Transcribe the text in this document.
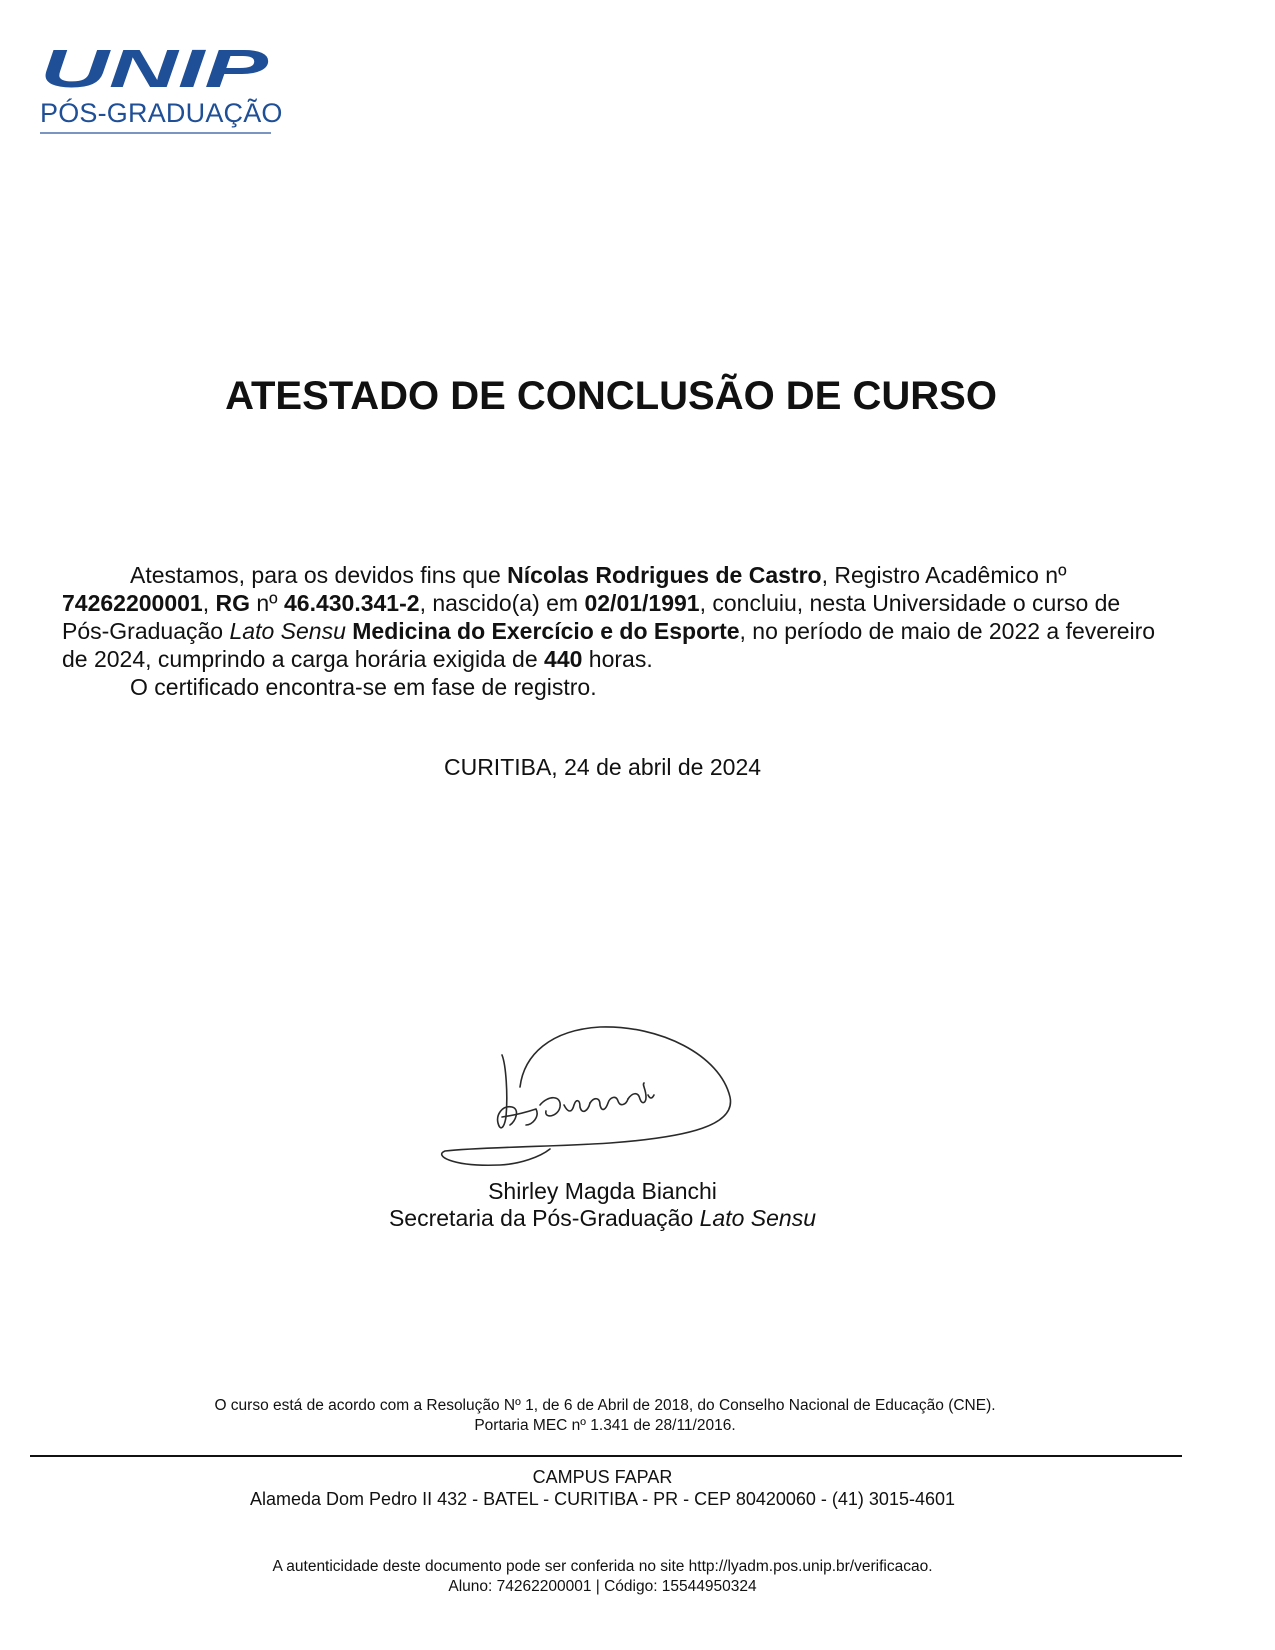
UNIP
PÓS-GRADUAÇÃO
ATESTADO DE CONCLUSÃO DE CURSO

Atestamos, para os devidos fins que Nícolas Rodrigues de Castro, Registro Acadêmico nº 74262200001, RG nº 46.430.341-2, nascido(a) em 02/01/1991, concluiu, nesta Universidade o curso de Pós-Graduação Lato Sensu Medicina do Exercício e do Esporte, no período de maio de 2022 a fevereiro de 2024, cumprindo a carga horária exigida de 440 horas.

O certificado encontra-se em fase de registro.

CURITIBA, 24 de abril de 2024
Shirley Magda Bianchi
Secretaria da Pós-Graduação Lato Sensu
O curso está de acordo com a Resolução Nº 1, de 6 de Abril de 2018, do Conselho Nacional de Educação (CNE).
Portaria MEC nº 1.341 de 28/11/2016.
CAMPUS FAPAR
Alameda Dom Pedro II 432 - BATEL - CURITIBA - PR - CEP 80420060 - (41) 3015-4601
A autenticidade deste documento pode ser conferida no site http://lyadm.pos.unip.br/verificacao.
Aluno: 74262200001 | Código: 15544950324
